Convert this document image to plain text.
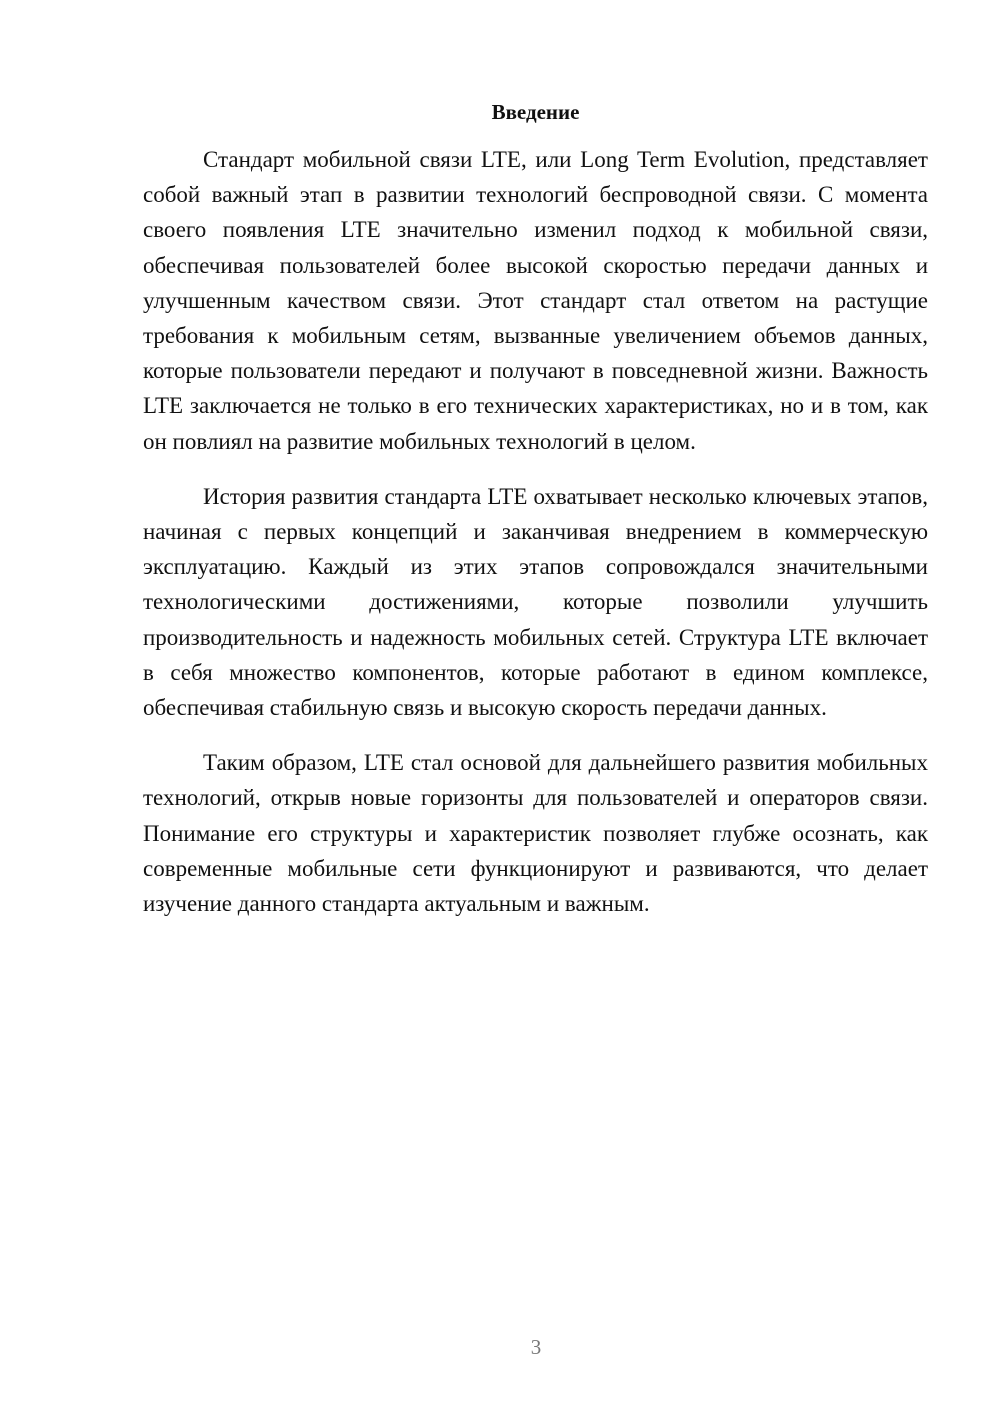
Введение

Стандарт мобильной связи LTE, или Long Term Evolution, представляет собой важный этап в развитии технологий беспроводной связи. С момента своего появления LTE значительно изменил подход к мобильной связи, обеспечивая пользователей более высокой скоростью передачи данных и улучшенным качеством связи. Этот стандарт стал ответом на растущие требования к мобильным сетям, вызванные увеличением объемов данных, которые пользователи передают и получают в повседневной жизни. Важность LTE заключается не только в его технических характеристиках, но и в том, как он повлиял на развитие мобильных технологий в целом.

История развития стандарта LTE охватывает несколько ключевых этапов, начиная с первых концепций и заканчивая внедрением в коммерческую эксплуатацию. Каждый из этих этапов сопровождался значительными технологическими достижениями, которые позволили улучшить производительность и надежность мобильных сетей. Структура LTE включает в себя множество компонентов, которые работают в едином комплексе, обеспечивая стабильную связь и высокую скорость передачи данных.

Таким образом, LTE стал основой для дальнейшего развития мобильных технологий, открыв новые горизонты для пользователей и операторов связи. Понимание его структуры и характеристик позволяет глубже осознать, как современные мобильные сети функционируют и развиваются, что делает изучение данного стандарта актуальным и важным.

3
